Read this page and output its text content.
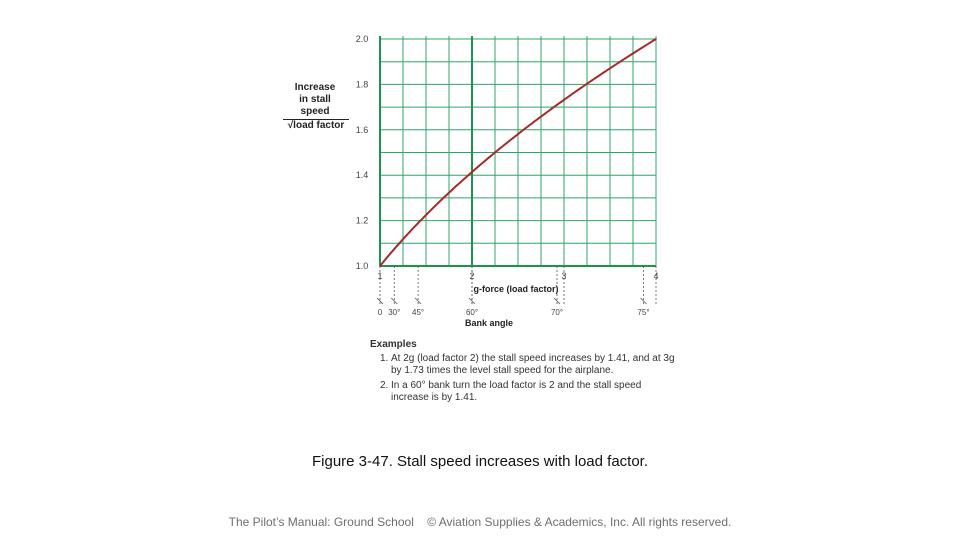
1.0
1.2
1.4
1.6
1.8
2.0
1	2	3	4
g-force (load factor)
0 30° 45°	60°	70°	75°
Bank angle
Increase
in stall
speed
√load factor
Examples
1. At 2g (load factor 2) the stall speed increases by 1.41, and at 3g by 1.73 times the level stall speed for the airplane.
2. In a 60° bank turn the load factor is 2 and the stall speed increase is by 1.41.
Figure 3-47. Stall speed increases with load factor.
The Pilot’s Manual: Ground School © Aviation Supplies & Academics, Inc. All rights reserved.
